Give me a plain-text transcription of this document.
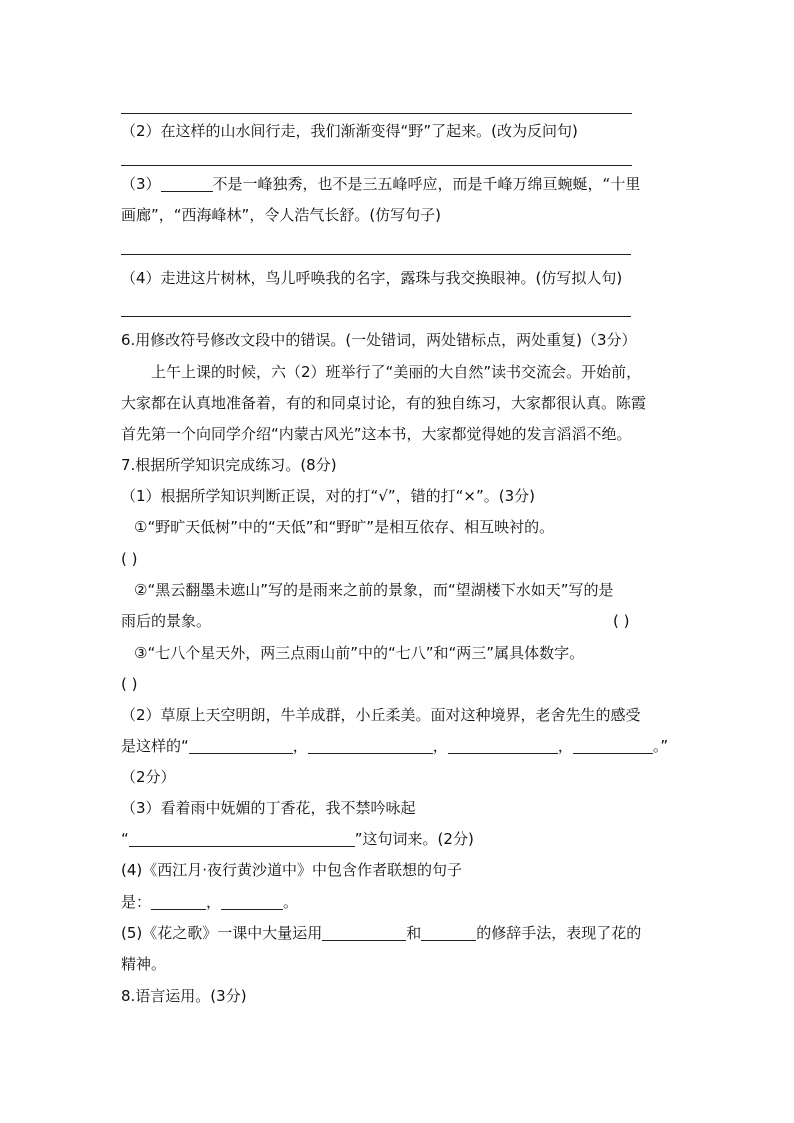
（2）在这样的山水间行走，我们渐渐变得“野”了起来。(改为反问句)
（3）	不是一峰独秀，也不是三五峰呼应，而是千峰万绵亘蜿蜒，“十里
画廊”，“西海峰林”，令人浩气长舒。(仿写句子)
（4）走进这片树林，鸟儿呼唤我的名字，露珠与我交换眼神。(仿写拟人句)
6.用修改符号修改文段中的错误。(一处错词，两处错标点，两处重复)（3分）
上午上课的时候，六（2）班举行了“美丽的大自然”读书交流会。开始前，
大家都在认真地准备着，有的和同桌讨论，有的独自练习，大家都很认真。陈霞
首先第一个向同学介绍“内蒙古风光”这本书，大家都觉得她的发言滔滔不绝。
7.根据所学知识完成练习。(8分)
（1）根据所学知识判断正误，对的打“√”，错的打“×”。(3分)
①“野旷天低树”中的“天低”和“野旷”是相互依存、相互映衬的。
( )
②“黑云翻墨未遮山”写的是雨来之前的景象，而“望湖楼下水如天”写的是
雨后的景象。	( )
③“七八个星天外，两三点雨山前”中的“七八”和“两三”属具体数字。
( )
（2）草原上天空明朗，牛羊成群，小丘柔美。面对这种境界，老舍先生的感受
是这样的“	，	，	，	。”
（2分）
（3）看着雨中妩媚的丁香花，我不禁吟咏起
“	”这句词来。(2分)
(4)《西江月·夜行黄沙道中》中包含作者联想的句子
是：	，	。
(5)《花之歌》一课中大量运用	和	的修辞手法，表现了花的
精神。
8.语言运用。(3分)
